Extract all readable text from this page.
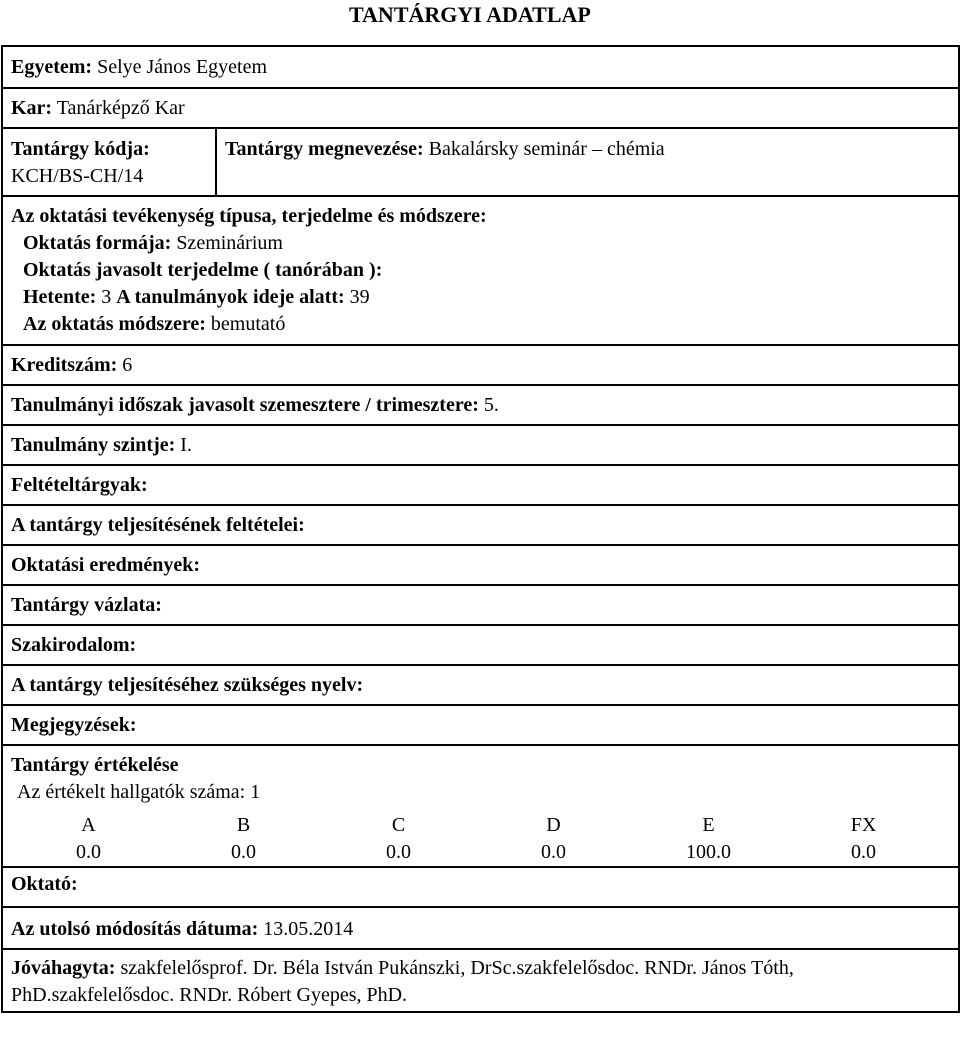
TANTÁRGYI ADATLAP
Egyetem: Selye János Egyetem
Kar: Tanárképző Kar
Tantárgy kódja:
KCH/BS-CH/14	Tantárgy megnevezése: Bakalársky seminár – chémia
Az oktatási tevékenység típusa, terjedelme és módszere:

Oktatás formája: Szeminárium
Oktatás javasolt terjedelme ( tanórában ):
Hetente: 3 A tanulmányok ideje alatt: 39
Az oktatás módszere: bemutató

Kreditszám: 6
Tanulmányi időszak javasolt szemesztere / trimesztere: 5.
Tanulmány szintje: I.
Feltételtárgyak:
A tantárgy teljesítésének feltételei:
Oktatási eredmények:
Tantárgy vázlata:
Szakirodalom:
A tantárgy teljesítéséhez szükséges nyelv:
Megjegyzések:
Tantárgy értékelése

Az értékelt hallgatók száma: 1
A	B	C	D	E	FX
0.0	0.0	0.0	0.0	100.0	0.0

Oktató:
Az utolsó módosítás dátuma: 13.05.2014
Jóváhagyta: szakfelelősprof. Dr. Béla István Pukánszki, DrSc.szakfelelősdoc. RNDr. János Tóth, PhD.szakfelelősdoc. RNDr. Róbert Gyepes, PhD.
